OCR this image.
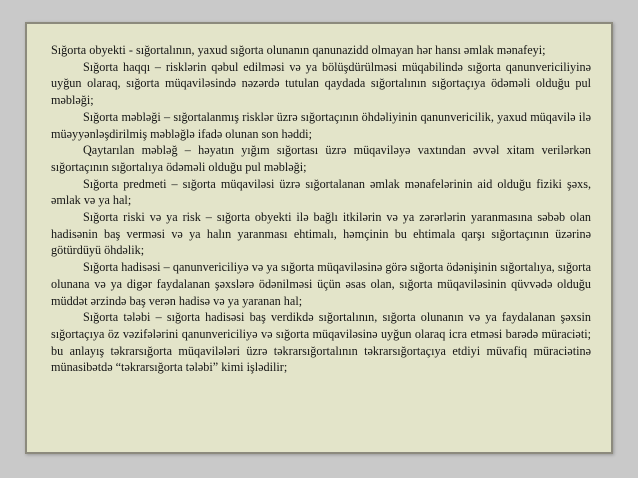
Sığorta obyekti - sığortalının, yaxud sığorta olunanın qanunazidd olmayan hər hansı əmlak mənafeyi;

Sığorta haqqı – risklərin qəbul edilməsi və ya bölüşdürülməsi müqabilində sığorta qanunvericiliyinə uyğun olaraq, sığorta müqaviləsində nəzərdə tutulan qaydada sığortalının sığortaçıya ödəməli olduğu pul məbləği;

Sığorta məbləği – sığortalanmış risklər üzrə sığortaçının öhdəliyinin qanunvericilik, yaxud müqavilə ilə müəyyənləşdirilmiş məbləğlə ifadə olunan son həddi;

Qaytarılan məbləğ – həyatın yığım sığortası üzrə müqaviləyə vaxtından əvvəl xitam verilərkən sığortaçının sığortalıya ödəməli olduğu pul məbləği;

Sığorta predmeti – sığorta müqaviləsi üzrə sığortalanan əmlak mənafelərinin aid olduğu fiziki şəxs, əmlak və ya hal;

Sığorta riski və ya risk – sığorta obyekti ilə bağlı itkilərin və ya zərərlərin yaranmasına səbəb olan hadisənin baş verməsi və ya halın yaranması ehtimalı, həmçinin bu ehtimala qarşı sığortaçının üzərinə götürdüyü öhdəlik;

Sığorta hadisəsi – qanunvericiliyə və ya sığorta müqaviləsinə görə sığorta ödənişinin sığortalıya, sığorta olunana və ya digər faydalanan şəxslərə ödənilməsi üçün əsas olan, sığorta müqaviləsinin qüvvədə olduğu müddət ərzində baş verən hadisə və ya yaranan hal;

Sığorta tələbi – sığorta hadisəsi baş verdikdə sığortalının, sığorta olunanın və ya faydalanan şəxsin sığortaçıya öz vəzifələrini qanunvericiliyə və sığorta müqaviləsinə uyğun olaraq icra etməsi barədə müraciəti; bu anlayış təkrarsığorta müqavilələri üzrə təkrarsığortalının təkrarsığortaçıya etdiyi müvafiq müraciətinə münasibətdə “təkrarsığorta tələbi” kimi işlədilir;
